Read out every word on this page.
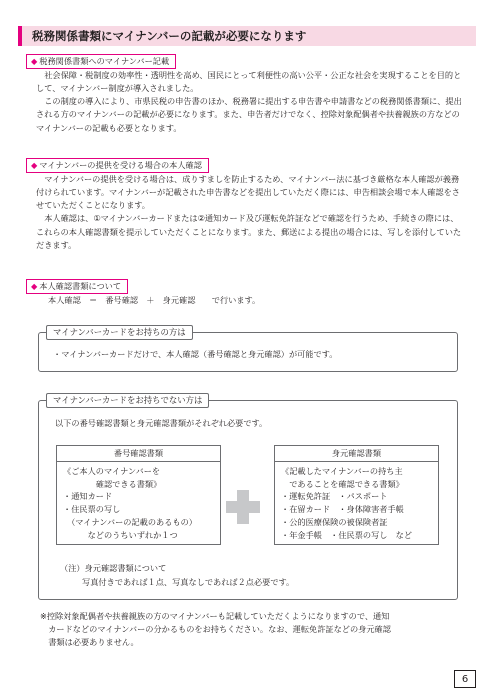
税務関係書類にマイナンバーの記載が必要になります
◆ 税務関係書類へのマイナンバー記載

社会保障・税制度の効率性・透明性を高め、国民にとって利便性の高い公平・公正な社会を実現することを目的として、マイナンバー制度が導入されました。

この制度の導入により、市県民税の申告書のほか、税務署に提出する申告書や申請書などの税務関係書類に、提出される方のマイナンバーの記載が必要になります。また、申告者だけでなく、控除対象配偶者や扶養親族の方などのマイナンバーの記載も必要となります。

◆ マイナンバーの提供を受ける場合の本人確認

マイナンバーの提供を受ける場合は、成りすましを防止するため、マイナンバー法に基づき厳格な本人確認が義務付けられています。マイナンバーが記載された申告書などを提出していただく際には、申告相談会場で本人確認をさせていただくことになります。

本人確認は、①マイナンバーカードまたは②通知カード及び運転免許証などで確認を行うため、手続きの際には、これらの本人確認書類を提示していただくことになります。また、郵送による提出の場合には、写しを添付していただきます。

◆ 本人確認書類について
本人確認　＝　番号確認　＋　身元確認　　で行います。
・マイナンバーカードだけで、本人確認（番号確認と身元確認）が可能です。
マイナンバーカードをお持ちの方は
以下の番号確認書類と身元確認書類がそれぞれ必要です。
マイナンバーカードをお持ちでない方は
番号確認書類
《ご本人のマイナンバーを
　　　　確認できる書類》
・通知カード
・住民票の写し
　（マイナンバーの記載のあるもの）
　　　などのうちいずれか１つ
身元確認書類
《記載したマイナンバーの持ち主
　であることを確認できる書類》
・運転免許証　・パスポート
・在留カード　・身体障害者手帳
・公的医療保険の被保険者証
・年金手帳　・住民票の写し　など
（注）身元確認書類について
写真付きであれば１点、写真なしであれば２点必要です。
※控除対象配偶者や扶養親族の方のマイナンバーも記載していただくようになりますので、通知
カードなどのマイナンバーの分かるものをお持ちください。なお、運転免許証などの身元確認
書類は必要ありません。
6
